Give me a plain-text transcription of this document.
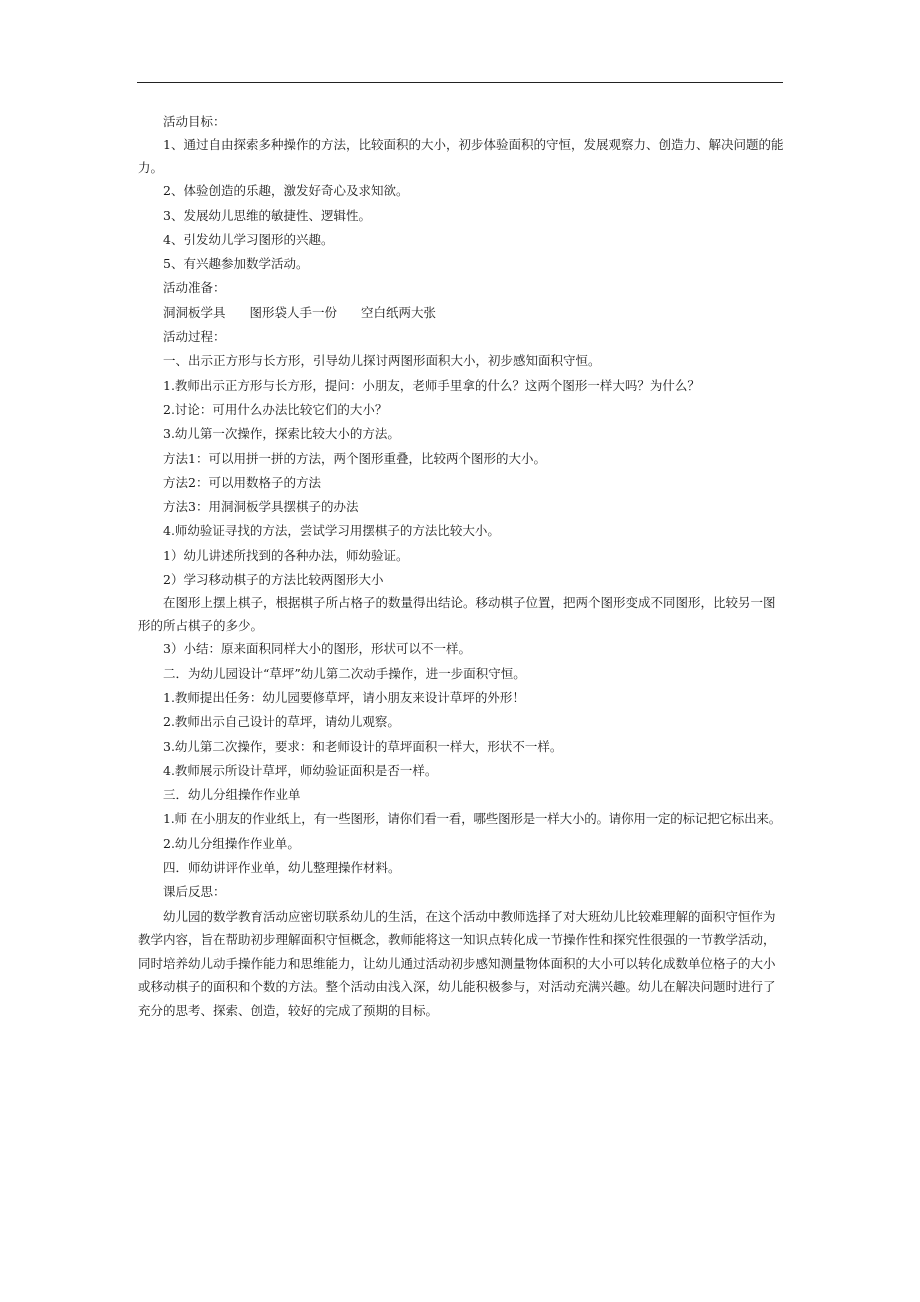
活动目标：

1、通过自由探索多种操作的方法，比较面积的大小，初步体验面积的守恒，发展观察力、创造力、解决问题的能力。

2、体验创造的乐趣，激发好奇心及求知欲。

3、发展幼儿思维的敏捷性、逻辑性。

4、引发幼儿学习图形的兴趣。

5、有兴趣参加数学活动。

活动准备：

洞洞板学具 图形袋人手一份 空白纸两大张

活动过程：

一、出示正方形与长方形，引导幼儿探讨两图形面积大小，初步感知面积守恒。

1.教师出示正方形与长方形，提问：小朋友，老师手里拿的什么？这两个图形一样大吗？为什么？

2.讨论：可用什么办法比较它们的大小？

3.幼儿第一次操作，探索比较大小的方法。

方法1：可以用拼一拼的方法，两个图形重叠，比较两个图形的大小。

方法2：可以用数格子的方法

方法3：用洞洞板学具摆棋子的办法

4.师幼验证寻找的方法，尝试学习用摆棋子的方法比较大小。

1）幼儿讲述所找到的各种办法，师幼验证。

2）学习移动棋子的方法比较两图形大小

在图形上摆上棋子，根据棋子所占格子的数量得出结论。移动棋子位置，把两个图形变成不同图形，比较另一图形的所占棋子的多少。

3）小结：原来面积同样大小的图形，形状可以不一样。

二．为幼儿园设计“草坪”幼儿第二次动手操作，进一步面积守恒。

1.教师提出任务：幼儿园要修草坪，请小朋友来设计草坪的外形！

2.教师出示自己设计的草坪，请幼儿观察。

3.幼儿第二次操作，要求：和老师设计的草坪面积一样大，形状不一样。

4.教师展示所设计草坪，师幼验证面积是否一样。

三．幼儿分组操作作业单

1.师 在小朋友的作业纸上，有一些图形，请你们看一看，哪些图形是一样大小的。请你用一定的标记把它标出来。

2.幼儿分组操作作业单。

四．师幼讲评作业单，幼儿整理操作材料。

课后反思：

幼儿园的数学教育活动应密切联系幼儿的生活，在这个活动中教师选择了对大班幼儿比较难理解的面积守恒作为教学内容，旨在帮助初步理解面积守恒概念，教师能将这一知识点转化成一节操作性和探究性很强的一节教学活动，同时培养幼儿动手操作能力和思维能力，让幼儿通过活动初步感知测量物体面积的大小可以转化成数单位格子的大小或移动棋子的面积和个数的方法。整个活动由浅入深，幼儿能积极参与，对活动充满兴趣。幼儿在解决问题时进行了充分的思考、探索、创造，较好的完成了预期的目标。
